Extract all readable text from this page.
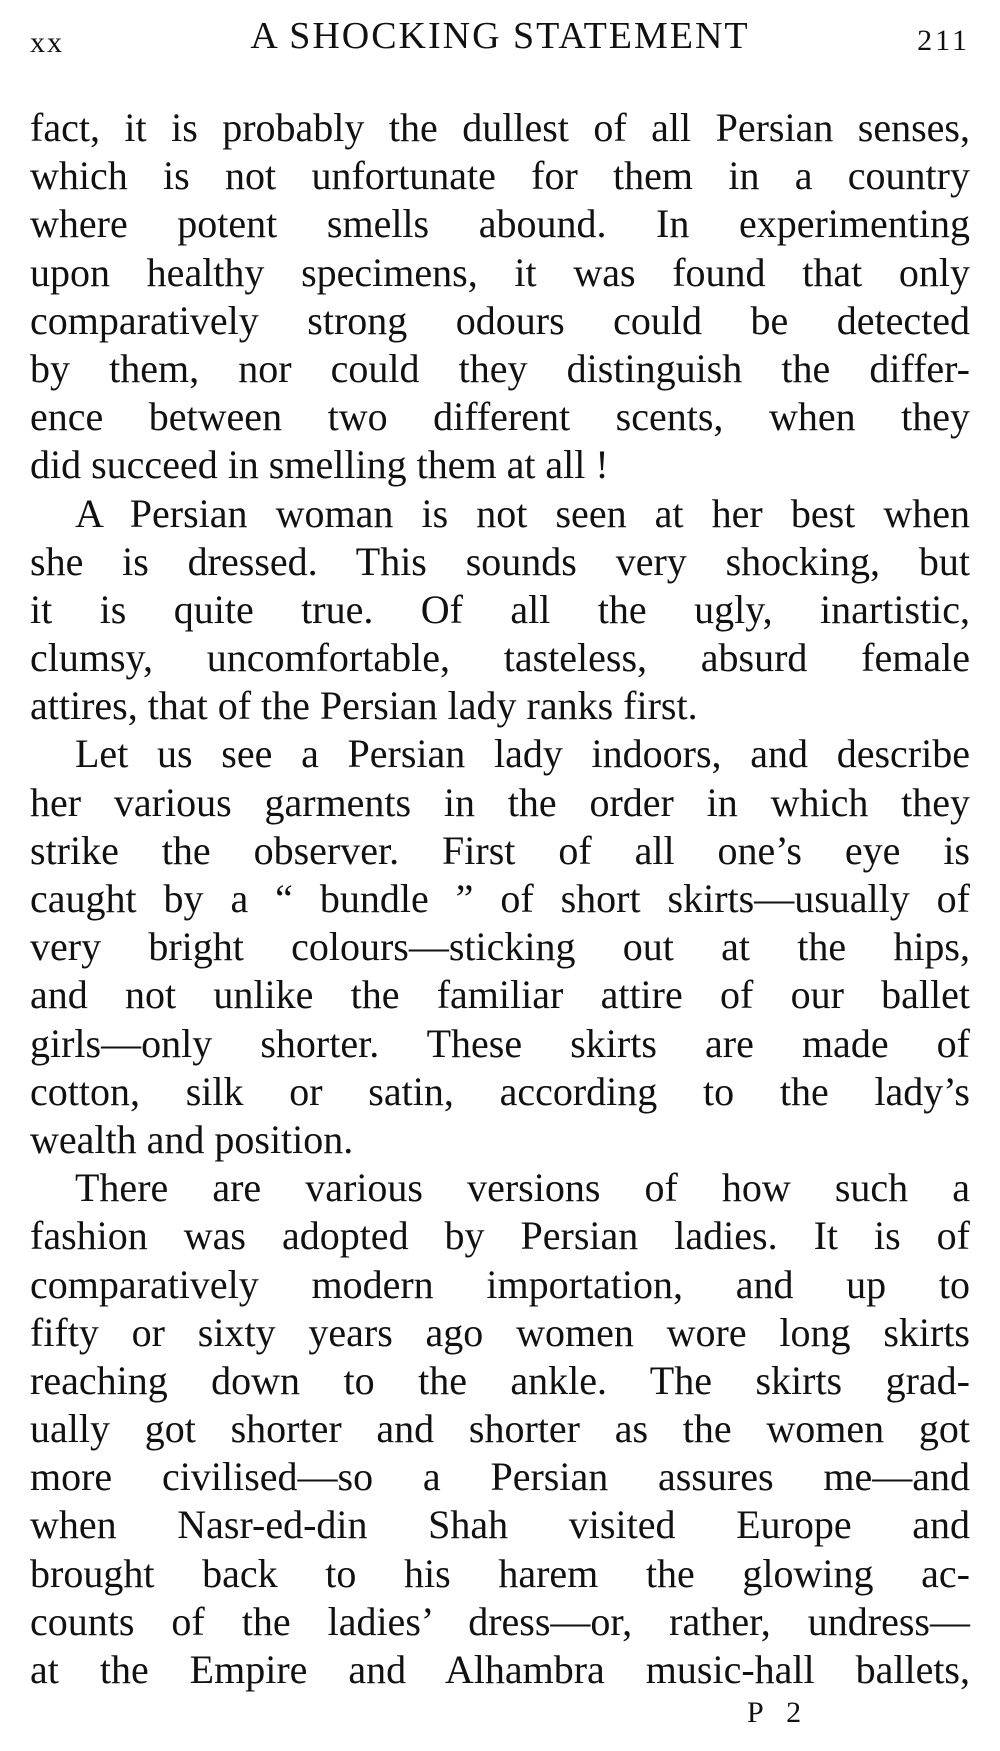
xx	A SHOCKING STATEMENT	211
fact, it is probably the dullest of all Persian senses,
which is not unfortunate for them in a country
where potent smells abound. In experimenting
upon healthy specimens, it was found that only
comparatively strong odours could be detected
by them, nor could they distinguish the differ-
ence between two different scents, when they
did succeed in smelling them at all !
A Persian woman is not seen at her best when
she is dressed. This sounds very shocking, but
it is quite true. Of all the ugly, inartistic,
clumsy, uncomfortable, tasteless, absurd female
attires, that of the Persian lady ranks first.
Let us see a Persian lady indoors, and describe
her various garments in the order in which they
strike the observer. First of all one’s eye is
caught by a “ bundle ” of short skirts—usually of
very bright colours—sticking out at the hips,
and not unlike the familiar attire of our ballet
girls—only shorter. These skirts are made of
cotton, silk or satin, according to the lady’s
wealth and position.
There are various versions of how such a
fashion was adopted by Persian ladies. It is of
comparatively modern importation, and up to
fifty or sixty years ago women wore long skirts
reaching down to the ankle. The skirts grad-
ually got shorter and shorter as the women got
more civilised—so a Persian assures me—and
when Nasr-ed-din Shah visited Europe and
brought back to his harem the glowing ac-
counts of the ladies’ dress—or, rather, undress—
at the Empire and Alhambra music-hall ballets,
P 2
